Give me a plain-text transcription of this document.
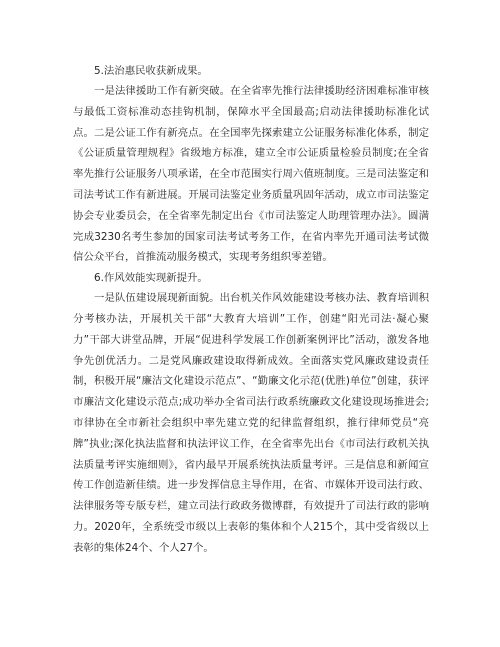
5.法治惠民收获新成果。

一是法律援助工作有新突破。在全省率先推行法律援助经济困难标准审核与最低工资标准动态挂钩机制，保障水平全国最高;启动法律援助标准化试点。二是公证工作有新亮点。在全国率先探索建立公证服务标准化体系，制定《公证质量管理规程》省级地方标准，建立全市公证质量检验员制度;在全省率先推行公证服务八项承诺，在全市范围实行周六值班制度。三是司法鉴定和司法考试工作有新进展。开展司法鉴定业务质量巩固年活动，成立市司法鉴定协会专业委员会，在全省率先制定出台《市司法鉴定人助理管理办法》。圆满完成3230名考生参加的国家司法考试考务工作，在省内率先开通司法考试微信公众平台，首推流动服务模式，实现考务组织零差错。

6.作风效能实现新提升。

一是队伍建设展现新面貌。出台机关作风效能建设考核办法、教育培训积分考核办法，开展机关干部“大教育大培训”工作，创建“阳光司法·凝心聚力”干部大讲堂品牌，开展“促进科学发展工作创新案例评比”活动，激发各地争先创优活力。二是党风廉政建设取得新成效。全面落实党风廉政建设责任制，积极开展“廉洁文化建设示范点”、“勤廉文化示范(优胜)单位”创建，获评市廉洁文化建设示范点;成功举办全省司法行政系统廉政文化建设现场推进会;市律协在全市新社会组织中率先建立党的纪律监督组织，推行律师党员“亮牌”执业;深化执法监督和执法评议工作，在全省率先出台《市司法行政机关执法质量考评实施细则》，省内最早开展系统执法质量考评。三是信息和新闻宣传工作创造新佳绩。进一步发挥信息主导作用，在省、市媒体开设司法行政、法律服务等专版专栏，建立司法行政政务微博群，有效提升了司法行政的影响力。2020年，全系统受市级以上表彰的集体和个人215个，其中受省级以上表彰的集体24个、个人27个。
